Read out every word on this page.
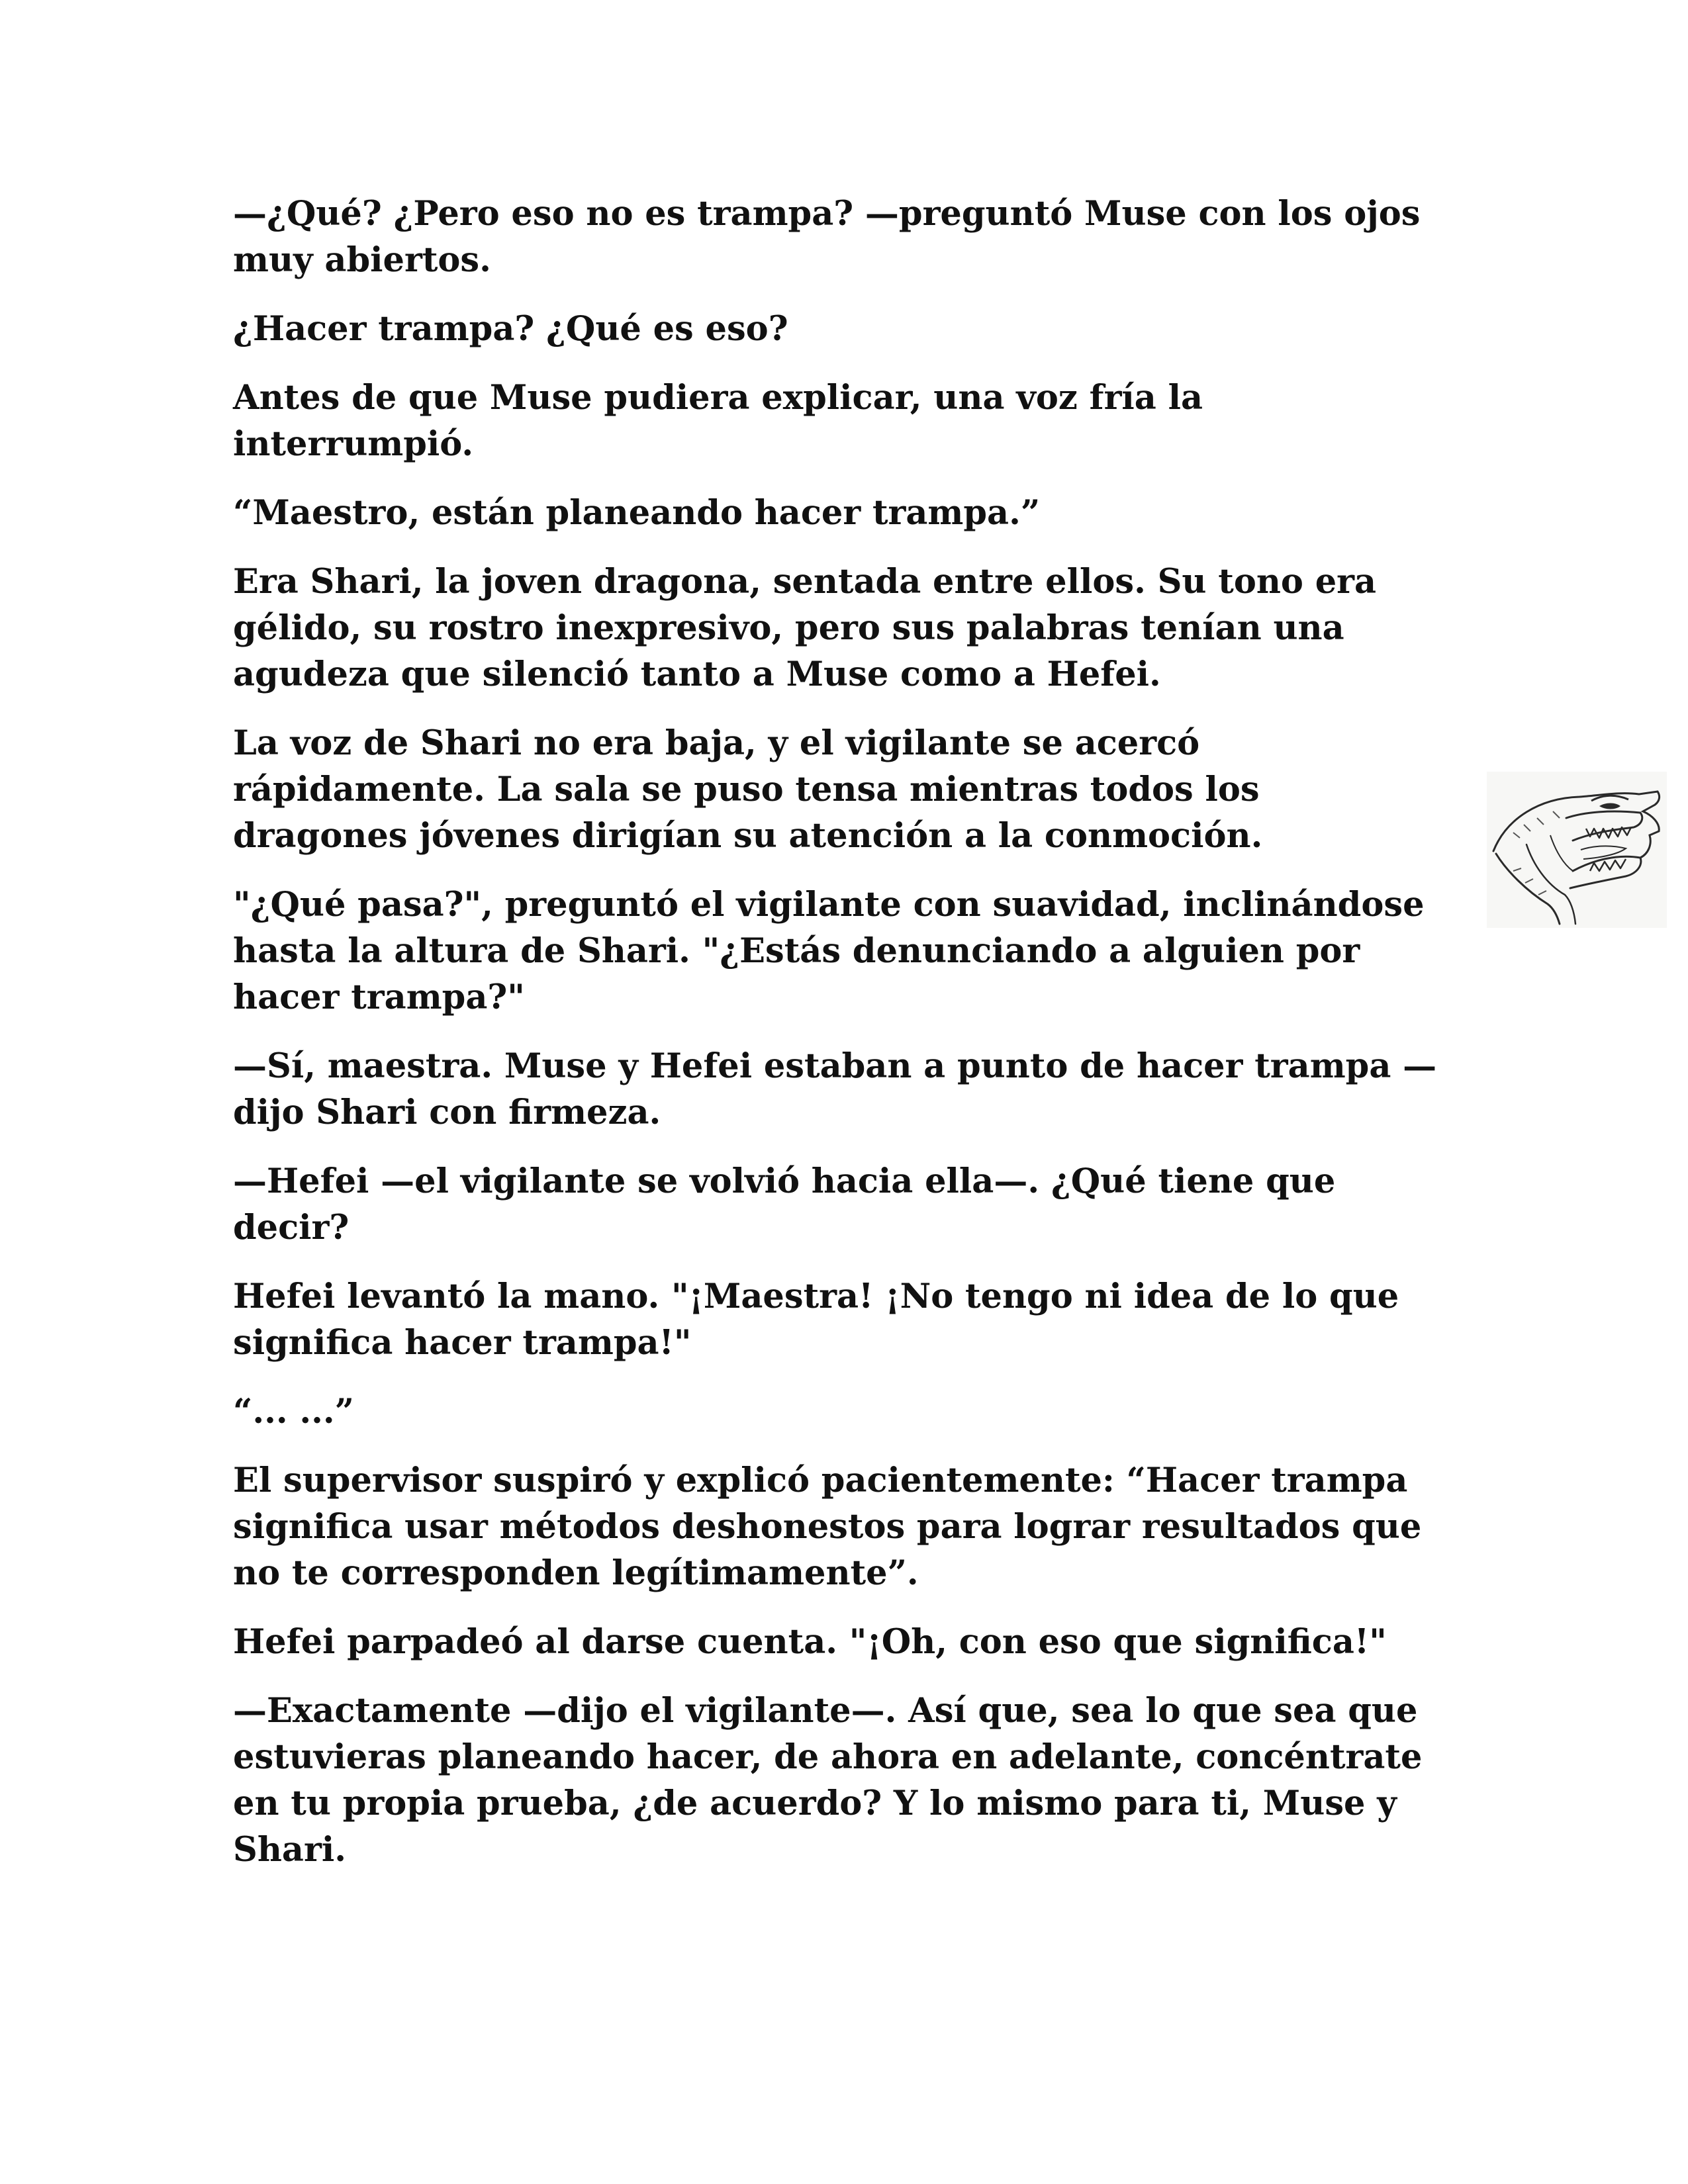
—¿Qué? ¿Pero eso no es trampa? —preguntó Muse con los ojos muy abiertos.

¿Hacer trampa? ¿Qué es eso?

Antes de que Muse pudiera explicar, una voz fría la interrumpió.

“Maestro, están planeando hacer trampa.”

Era Shari, la joven dragona, sentada entre ellos. Su tono era gélido, su rostro inexpresivo, pero sus palabras tenían una agudeza que silenció tanto a Muse como a Hefei.

La voz de Shari no era baja, y el vigilante se acercó rápidamente. La sala se puso tensa mientras todos los dragones jóvenes dirigían su atención a la conmoción.

"¿Qué pasa?", preguntó el vigilante con suavidad, inclinándose hasta la altura de Shari. "¿Estás denunciando a alguien por hacer trampa?"

—Sí, maestra. Muse y Hefei estaban a punto de hacer trampa —dijo Shari con firmeza.

—Hefei —el vigilante se volvió hacia ella—. ¿Qué tiene que decir?

Hefei levantó la mano. "¡Maestra! ¡No tengo ni idea de lo que significa hacer trampa!"

“... ...”

El supervisor suspiró y explicó pacientemente: “Hacer trampa significa usar métodos deshonestos para lograr resultados que no te corresponden legítimamente”.

Hefei parpadeó al darse cuenta. "¡Oh, con eso que significa!"

—Exactamente —dijo el vigilante—. Así que, sea lo que sea que estuvieras planeando hacer, de ahora en adelante, concéntrate en tu propia prueba, ¿de acuerdo? Y lo mismo para ti, Muse y Shari.
